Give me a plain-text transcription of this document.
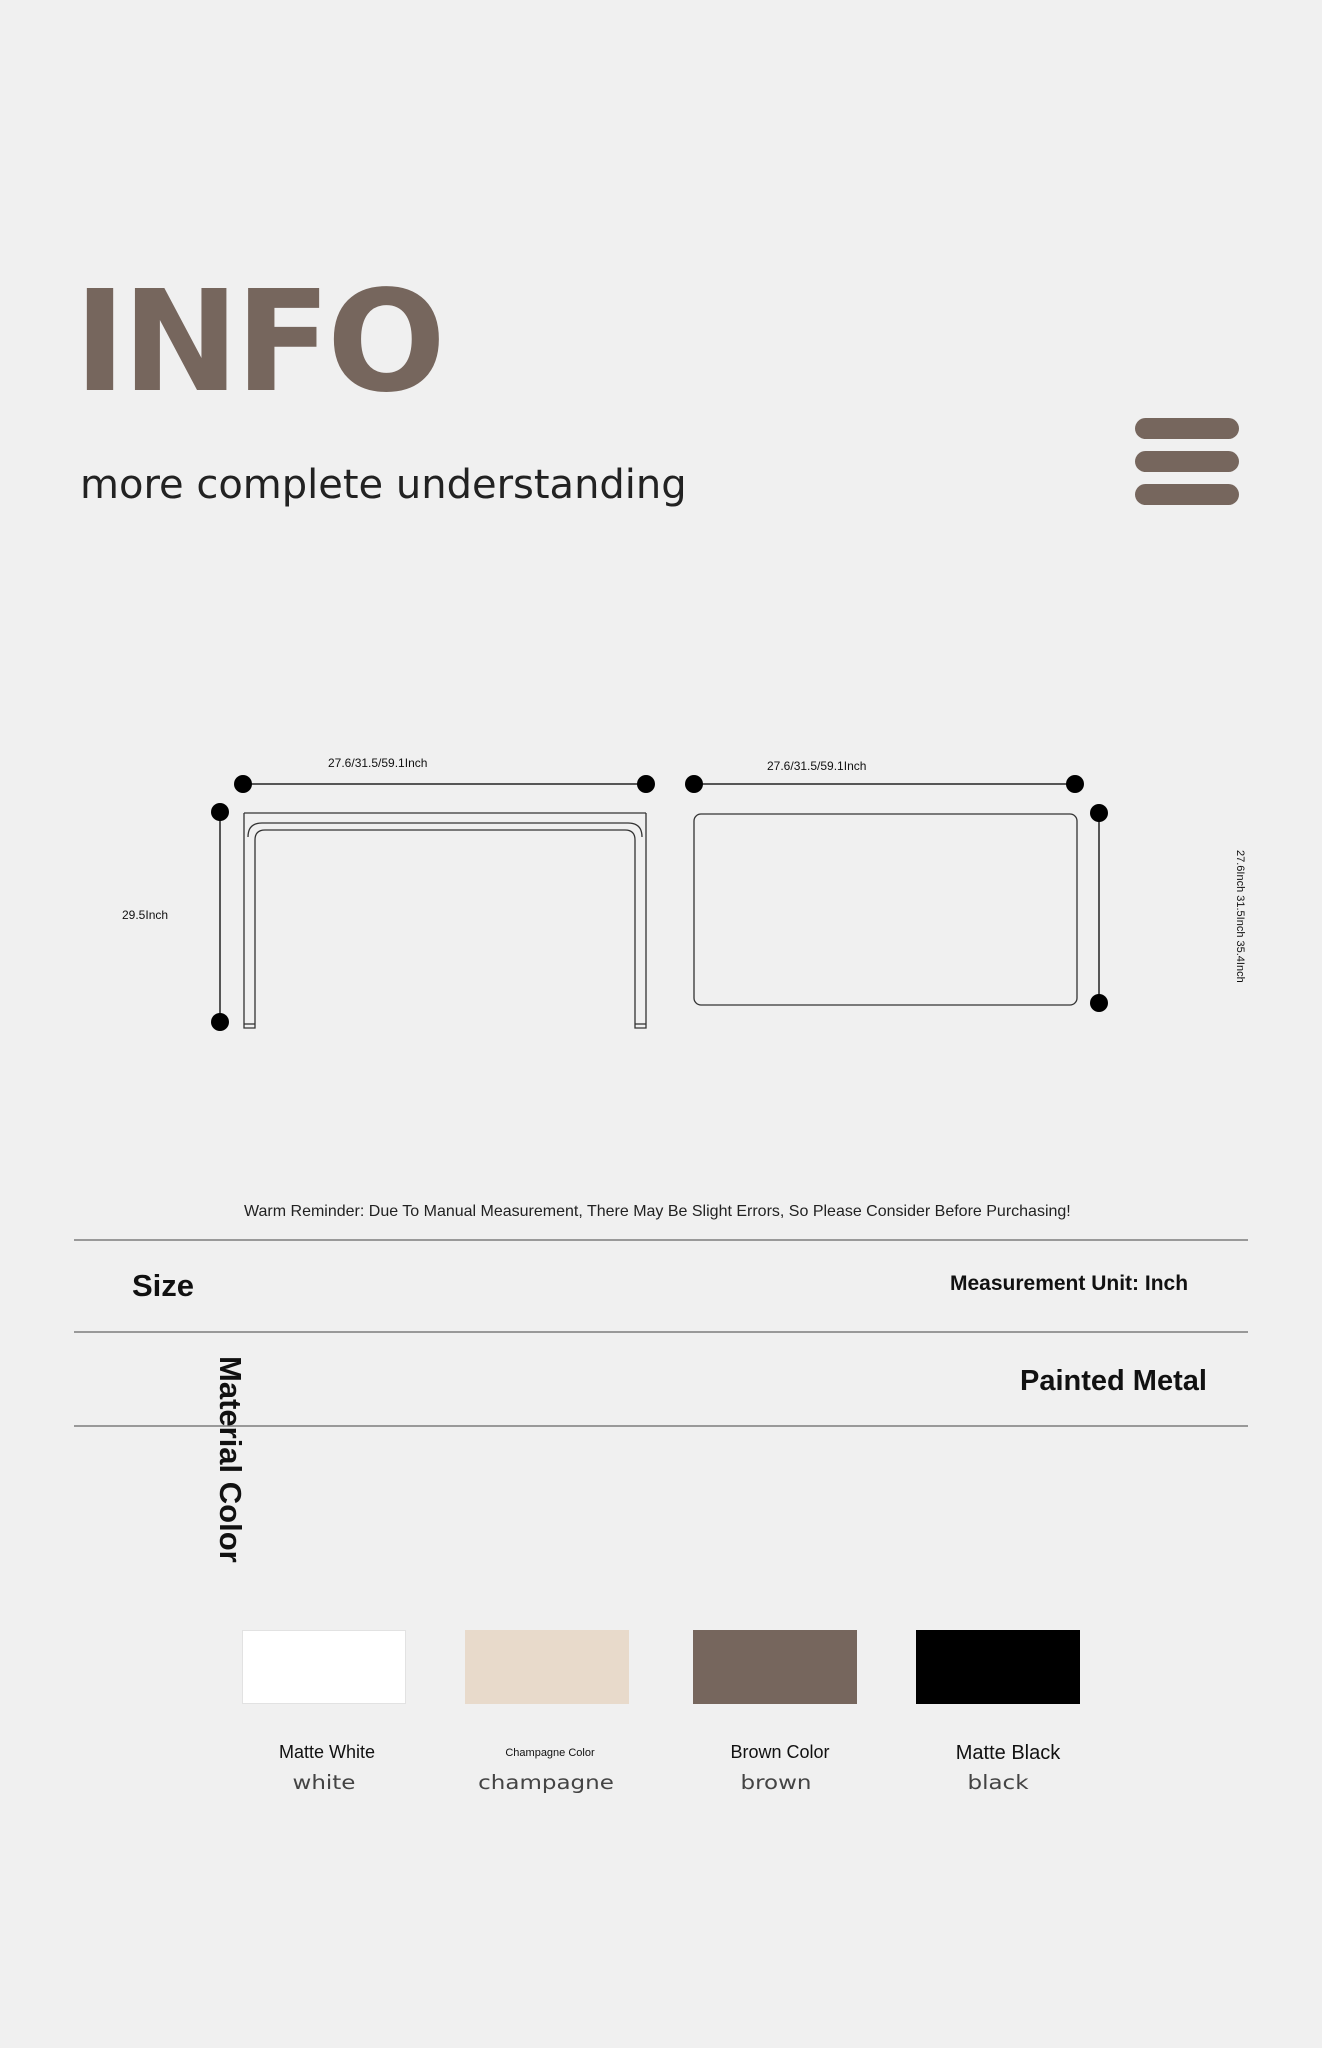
INFO
more complete understanding
27.6/31.5/59.1Inch	27.6/31.5/59.1Inch
29.5Inch	27.6Inch 31.5Inch 35.4Inch
Warm Reminder: Due To Manual Measurement, There May Be Slight Errors, So Please Consider Before Purchasing!
Size	Measurement Unit: Inch
Painted Metal
Material Color
Matte White	Champagne Color	Brown Color	Matte Black
white	champagne	brown	black
